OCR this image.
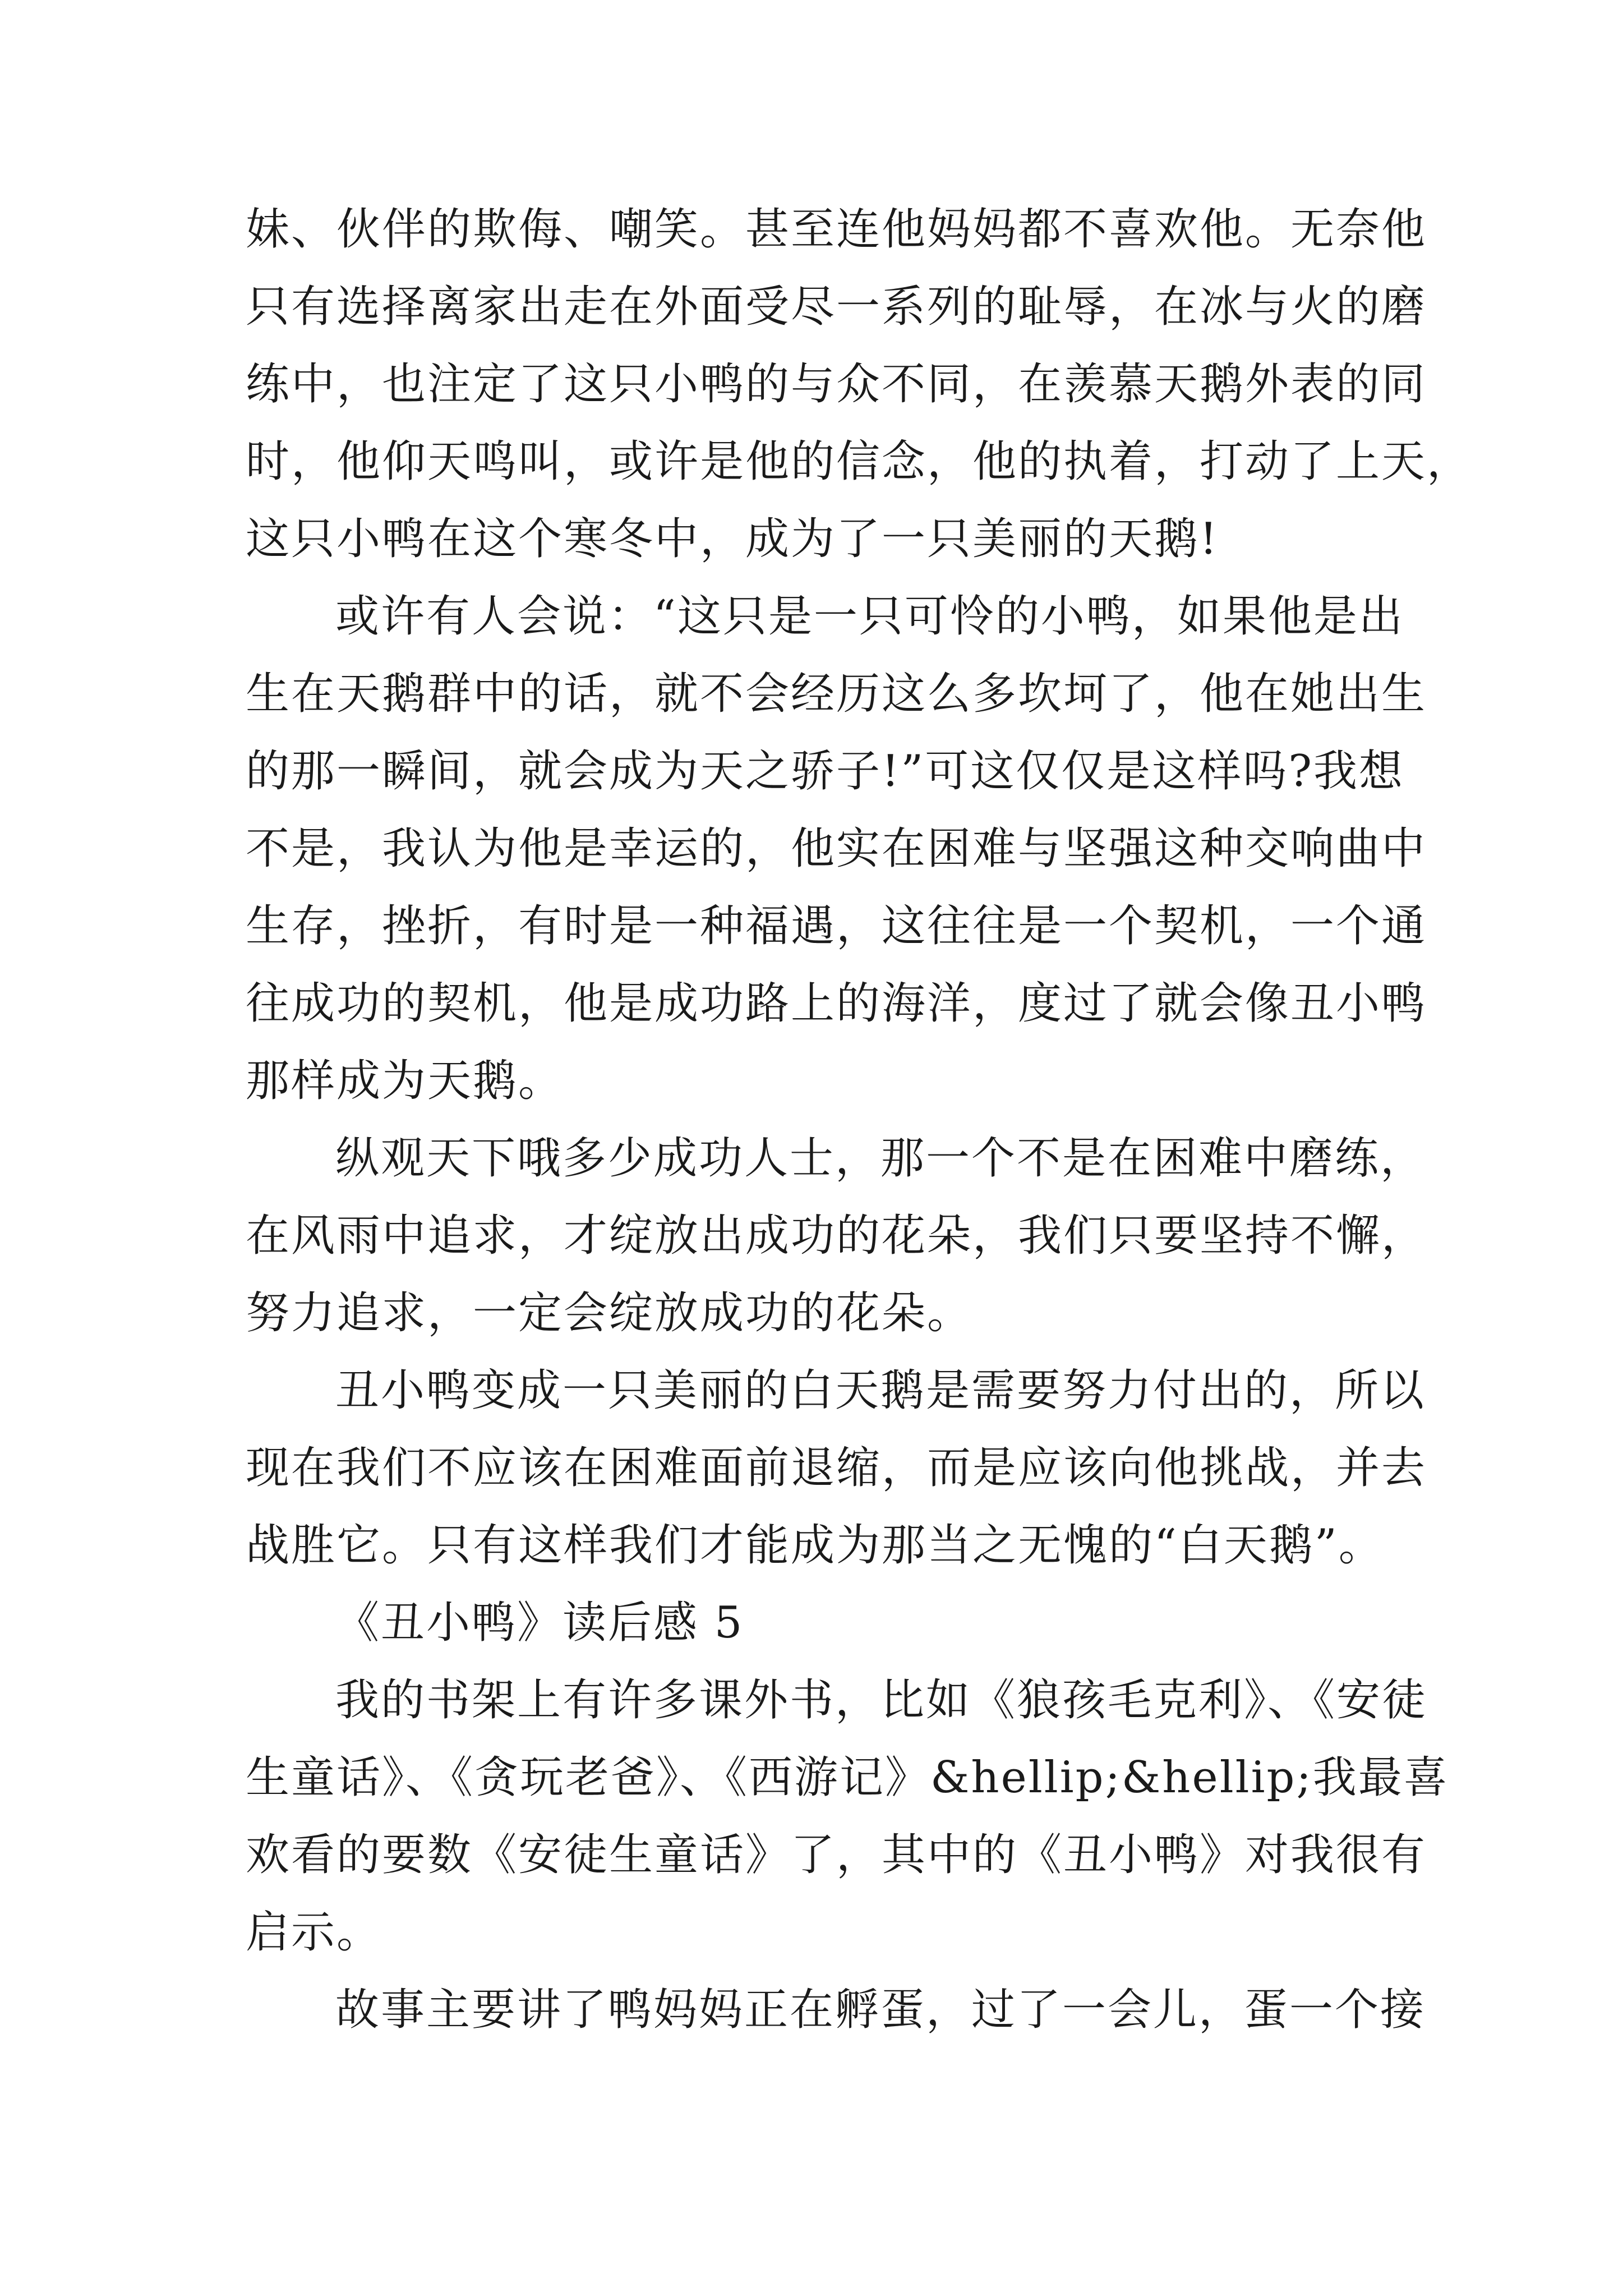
妹、伙伴的欺侮、嘲笑。甚至连他妈妈都不喜欢他。无奈他
只有选择离家出走在外面受尽一系列的耻辱，在冰与火的磨
练中，也注定了这只小鸭的与众不同，在羡慕天鹅外表的同
时，他仰天鸣叫，或许是他的信念，他的执着，打动了上天，
这只小鸭在这个寒冬中，成为了一只美丽的天鹅!
或许有人会说：“这只是一只可怜的小鸭，如果他是出
生在天鹅群中的话，就不会经历这么多坎坷了，他在她出生
的那一瞬间，就会成为天之骄子!”可这仅仅是这样吗?我想
不是，我认为他是幸运的，他实在困难与坚强这种交响曲中
生存，挫折，有时是一种福遇，这往往是一个契机，一个通
往成功的契机，他是成功路上的海洋，度过了就会像丑小鸭
那样成为天鹅。
纵观天下哦多少成功人士，那一个不是在困难中磨练，
在风雨中追求，才绽放出成功的花朵，我们只要坚持不懈，
努力追求，一定会绽放成功的花朵。
丑小鸭变成一只美丽的白天鹅是需要努力付出的，所以
现在我们不应该在困难面前退缩，而是应该向他挑战，并去
战胜它。只有这样我们才能成为那当之无愧的“白天鹅”。
《丑小鸭》读后感 5
我的书架上有许多课外书，比如《狼孩毛克利》、《安徒
生童话》、《贪玩老爸》、《西游记》&hellip;&hellip;我最喜
欢看的要数《安徒生童话》了，其中的《丑小鸭》对我很有
启示。
故事主要讲了鸭妈妈正在孵蛋，过了一会儿，蛋一个接
